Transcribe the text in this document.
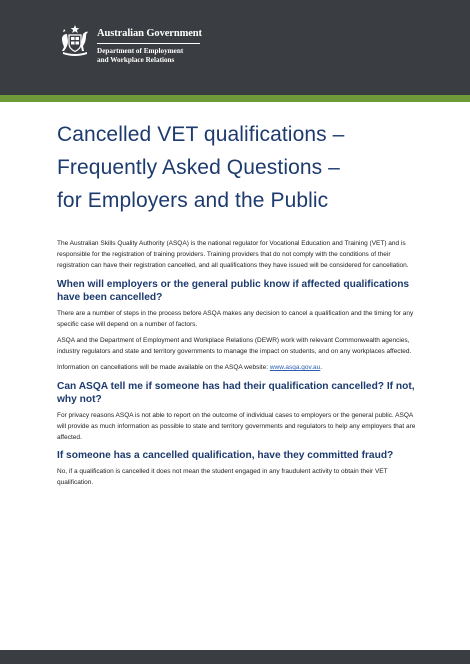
Australian Government
Department of Employment
and Workplace Relations
Cancelled VET qualifications –
Frequently Asked Questions –
for Employers and the Public

The Australian Skills Quality Authority (ASQA) is the national regulator for Vocational Education and Training (VET) and is responsible for the registration of training providers. Training providers that do not comply with the conditions of their registration can have their registration cancelled, and all qualifications they have issued will be considered for cancellation.

When will employers or the general public know if affected qualifications have been cancelled?

There are a number of steps in the process before ASQA makes any decision to cancel a qualification and the timing for any specific case will depend on a number of factors.

ASQA and the Department of Employment and Workplace Relations (DEWR) work with relevant Commonwealth agencies, industry regulators and state and territory governments to manage the impact on students, and on any workplaces affected.

Information on cancellations will be made available on the ASQA website: www.asqa.gov.au.

Can ASQA tell me if someone has had their qualification cancelled? If not, why not?

For privacy reasons ASQA is not able to report on the outcome of individual cases to employers or the general public. ASQA will provide as much information as possible to state and territory governments and regulators to help any employers that are affected.

If someone has a cancelled qualification, have they committed fraud?

No, if a qualification is cancelled it does not mean the student engaged in any fraudulent activity to obtain their VET qualification.
